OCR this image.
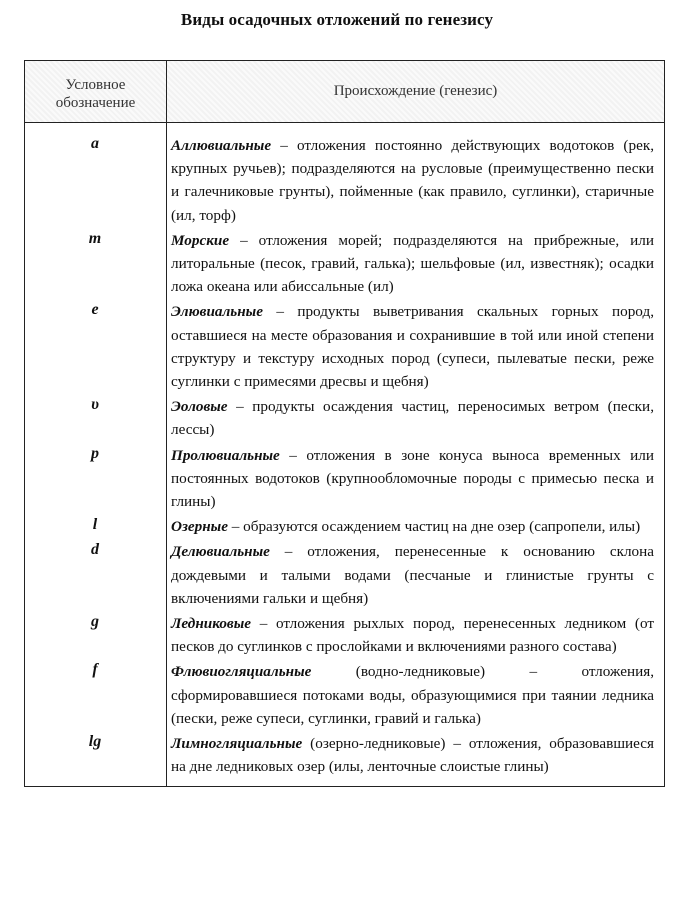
Виды осадочных отложений по генезису
Условное обозначение
Происхождение (генезис)
a
m
e
υ
p
l
d
g
f
lg
Аллювиальные – отложения постоянно действующих водотоков (рек, крупных ручьев); подразделяются на русловые (преимущественно пески и галечниковые грунты), пойменные (как правило, суглинки), старичные (ил, торф)
Морские – отложения морей; подразделяются на прибрежные, или литоральные (песок, гравий, галька); шельфовые (ил, известняк); осадки ложа океана или абиссальные (ил)
Элювиальные – продукты выветривания скальных горных пород, оставшиеся на месте образования и сохранившие в той или иной степени структуру и текстуру исходных пород (супеси, пылеватые пески, реже суглинки с примесями дресвы и щебня)
Эоловые – продукты осаждения частиц, переносимых ветром (пески, лессы)
Пролювиальные – отложения в зоне конуса выноса временных или постоянных водотоков (крупнообломочные породы с примесью песка и глины)
Озерные – образуются осаждением частиц на дне озер (сапропели, илы)
Делювиальные – отложения, перенесенные к основанию склона дождевыми и талыми водами (песчаные и глинистые грунты с включениями гальки и щебня)
Ледниковые – отложения рыхлых пород, перенесенных ледником (от песков до суглинков с прослойками и включениями разного состава)
Флювиогляциальные (водно-ледниковые) – отложения, сформировавшиеся потоками воды, образующимися при таянии ледника (пески, реже супеси, суглинки, гравий и галька)
Лимногляциальные (озерно-ледниковые) – отложения, образовавшиеся на дне ледниковых озер (илы, ленточные слоистые глины)
